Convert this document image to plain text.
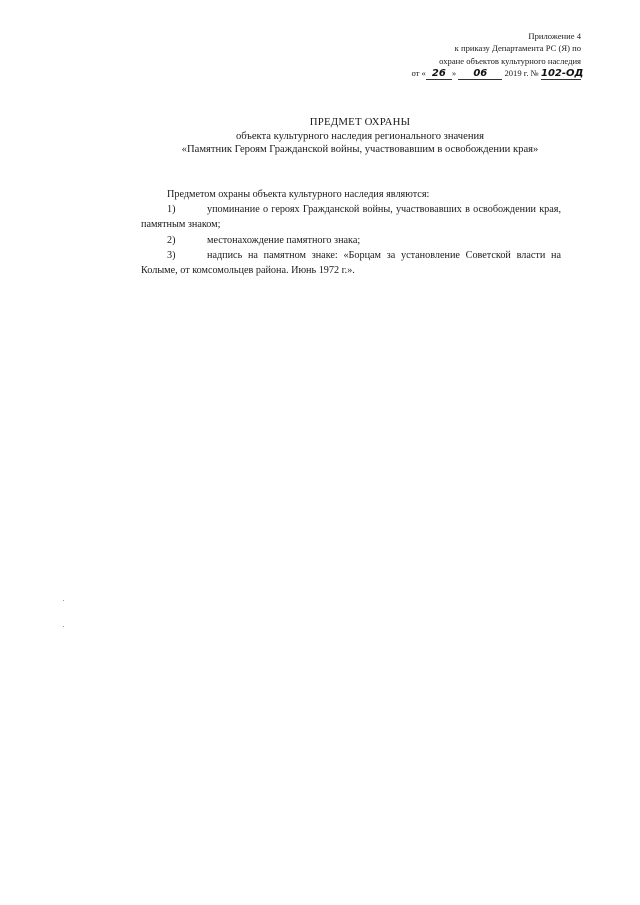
Приложение 4
к приказу Департамента РС (Я) по
охране объектов культурного наследия
от « 26 » 06 2019 г. № 102-ОД
ПРЕДМЕТ ОХРАНЫ
объекта культурного наследия регионального значения
«Памятник Героям Гражданской войны, участвовавшим в освобождении края»

Предметом охраны объекта культурного наследия являются:

1)	упоминание о героях Гражданской войны, участвовавших в освобождении края, памятным знаком;

2)	местонахождение памятного знака;

3)	надпись на памятном знаке: «Борцам за установление Советской власти на Колыме, от комсомольцев района. Июнь 1972 г.».
